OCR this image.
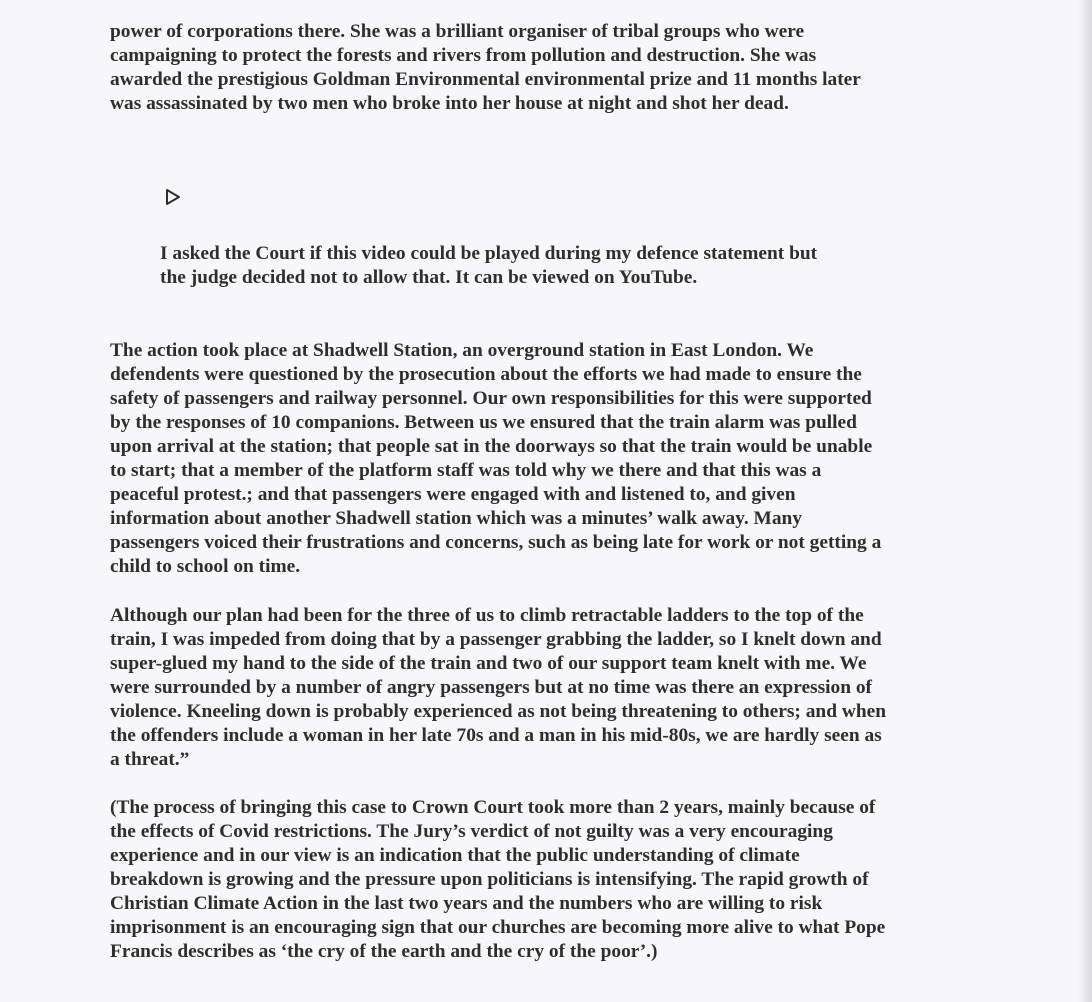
power of corporations there. She was a brilliant organiser of tribal groups who were
campaigning to protect the forests and rivers from pollution and destruction. She was
awarded the prestigious Goldman Environmental environmental prize and 11 months later
was assassinated by two men who broke into her house at night and shot her dead.

I asked the Court if this video could be played during my defence statement but
the judge decided not to allow that. It can be viewed on YouTube.

The action took place at Shadwell Station, an overground station in East London. We
defendents were questioned by the prosecution about the efforts we had made to ensure the
safety of passengers and railway personnel. Our own responsibilities for this were supported
by the responses of 10 companions. Between us we ensured that the train alarm was pulled
upon arrival at the station; that people sat in the doorways so that the train would be unable
to start; that a member of the platform staff was told why we there and that this was a
peaceful protest.; and that passengers were engaged with and listened to, and given
information about another Shadwell station which was a minutes’ walk away. Many
passengers voiced their frustrations and concerns, such as being late for work or not getting a
child to school on time.

Although our plan had been for the three of us to climb retractable ladders to the top of the
train, I was impeded from doing that by a passenger grabbing the ladder, so I knelt down and
super-glued my hand to the side of the train and two of our support team knelt with me. We
were surrounded by a number of angry passengers but at no time was there an expression of
violence. Kneeling down is probably experienced as not being threatening to others; and when
the offenders include a woman in her late 70s and a man in his mid-80s, we are hardly seen as
a threat.”

(The process of bringing this case to Crown Court took more than 2 years, mainly because of
the effects of Covid restrictions. The Jury’s verdict of not guilty was a very encouraging
experience and in our view is an indication that the public understanding of climate
breakdown is growing and the pressure upon politicians is intensifying. The rapid growth of
Christian Climate Action in the last two years and the numbers who are willing to risk
imprisonment is an encouraging sign that our churches are becoming more alive to what Pope
Francis describes as ‘the cry of the earth and the cry of the poor’.)
